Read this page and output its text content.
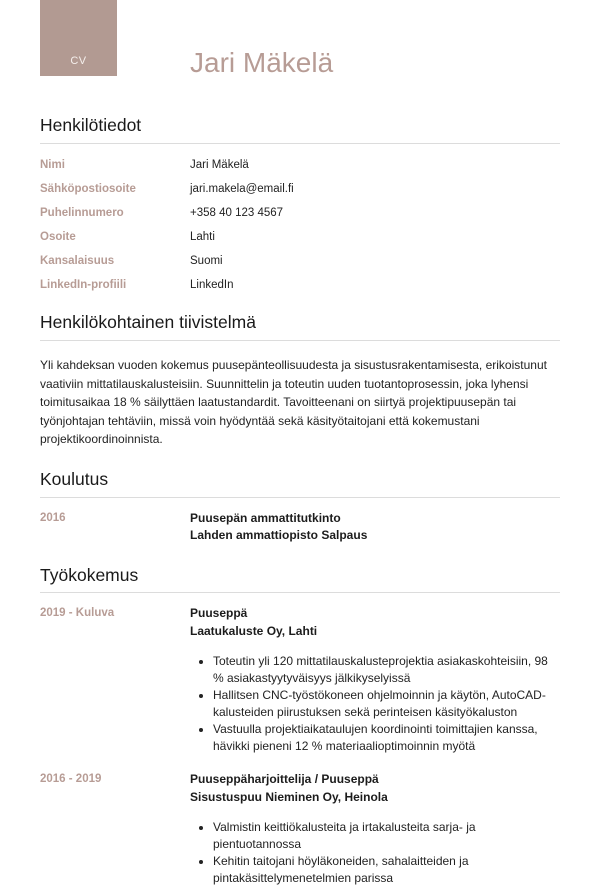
CV	Jari Mäkelä
Henkilötiedot
Nimi	Jari Mäkelä
Sähköpostiosoite	jari.makela@email.fi
Puhelinnumero	+358 40 123 4567
Osoite	Lahti
Kansalaisuus	Suomi
LinkedIn-profiili	LinkedIn
Henkilökohtainen tiivistelmä

Yli kahdeksan vuoden kokemus puusepänteollisuudesta ja sisustusrakentamisesta, erikoistunut vaativiin mittatilauskalusteisiin. Suunnittelin ja toteutin uuden tuotantoprosessin, joka lyhensi toimitusaikaa 18 % säilyttäen laatustandardit. Tavoitteenani on siirtyä projektipuusepän tai työnjohtajan tehtäviin, missä voin hyödyntää sekä käsityötaitojani että kokemustani projektikoordinoinnista.

Koulutus
2016	Puusepän ammattitutkinto
Lahden ammattiopisto Salpaus
Työkokemus
2019 - Kuluva	Puuseppä
Laatukaluste Oy, Lahti
• Toteutin yli 120 mittatilauskalusteprojektia asiakaskohteisiin, 98 % asiakastyytyväisyys jälkikyselyissä
• Hallitsen CNC-työstökoneen ohjelmoinnin ja käytön, AutoCAD-kalusteiden piirustuksen sekä perinteisen käsityökaluston
• Vastuulla projektiaikataulujen koordinointi toimittajien kanssa, hävikki pieneni 12 % materiaalioptimoinnin myötä
2016 - 2019	Puuseppäharjoittelija / Puuseppä
Sisustuspuu Nieminen Oy, Heinola
• Valmistin keittiökalusteita ja irtakalusteita sarja- ja pientuotannossa
• Kehitin taitojani höyläkoneiden, sahalaitteiden ja pintakäsittelymenetelmien parissa
